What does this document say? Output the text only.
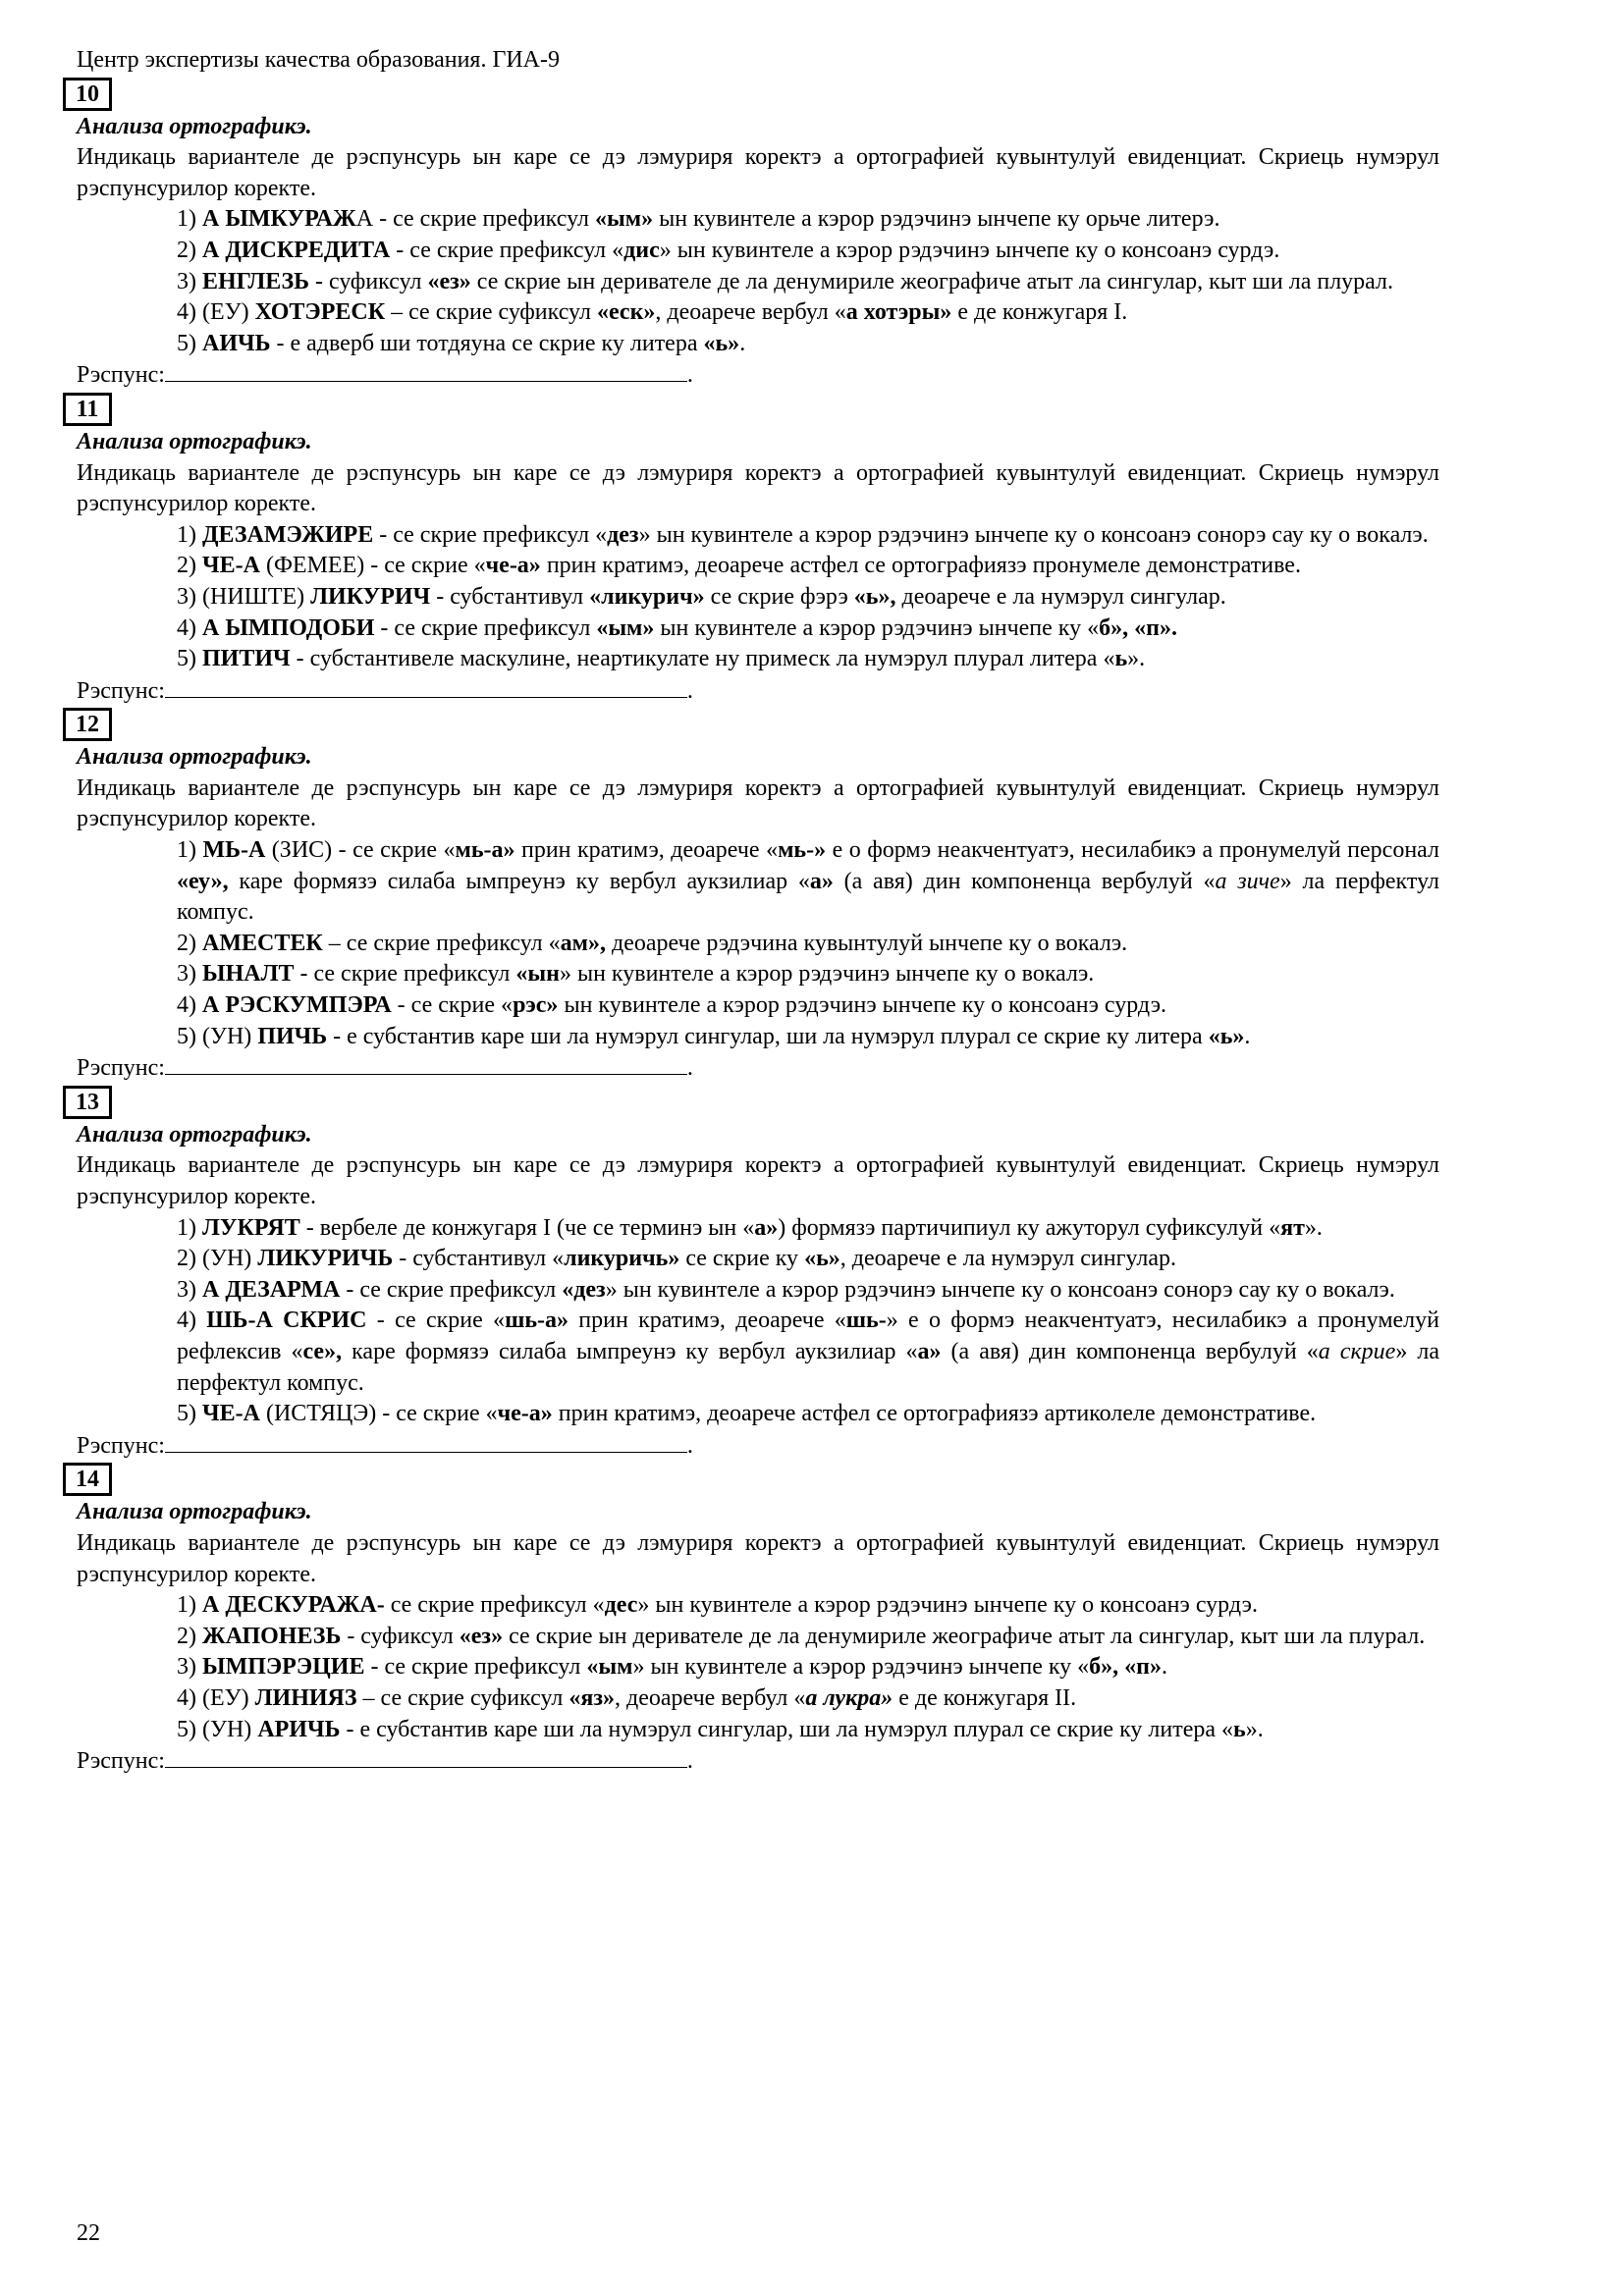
Центр экспертизы качества образования. ГИА-9
10
Анализа ортографикэ.
Индикаць вариантеле де рэспунсурь ын каре се дэ лэмуриря коректэ а ортографией кувынтулуй евиденциат. Скриець нумэрул рэспунсурилор коректе.
1) А ЫМКУРАЖА - се скрие префиксул «ым» ын кувинтеле а кэрор рэдэчинэ ынчепе ку орьче литерэ.
2) А ДИСКРЕДИТА - се скрие префиксул «дис» ын кувинтеле а кэрор рэдэчинэ ынчепе ку о консоанэ сурдэ.
3) ЕНГЛЕЗЬ - суфиксул «ез» се скрие ын деривателе де ла денумириле жеографиче атыт ла сингулар, кыт ши ла плурал.
4) (ЕУ) ХОТЭРЕСК – се скрие суфиксул «еск», деоарече вербул «а хотэры» е де конжугаря I.
5) АИЧЬ - е адверб ши тотдяуна се скрие ку литера «ь».
Рэспунс:	.
11
Анализа ортографикэ.
Индикаць вариантеле де рэспунсурь ын каре се дэ лэмуриря коректэ а ортографией кувынтулуй евиденциат. Скриець нумэрул рэспунсурилор коректе.
1) ДЕЗАМЭЖИРЕ - се скрие префиксул «дез» ын кувинтеле а кэрор рэдэчинэ ынчепе ку о консоанэ сонорэ сау ку о вокалэ.
2) ЧЕ-А (ФЕМЕЕ) - се скрие «че-а» прин кратимэ, деоарече астфел се ортографиязэ пронумеле демонстративе.
3) (НИШТЕ) ЛИКУРИЧ - субстантивул «ликурич» се скрие фэрэ «ь», деоарече е ла нумэрул сингулар.
4) А ЫМПОДОБИ - се скрие префиксул «ым» ын кувинтеле а кэрор рэдэчинэ ынчепе ку «б», «п».
5) ПИТИЧ - субстантивеле маскулине, неартикулате ну примеск ла нумэрул плурал литера «ь».
Рэспунс:	.
12
Анализа ортографикэ.
Индикаць вариантеле де рэспунсурь ын каре се дэ лэмуриря коректэ а ортографией кувынтулуй евиденциат. Скриець нумэрул рэспунсурилор коректе.
1) МЬ-А (ЗИС) - се скрие «мь-а» прин кратимэ, деоарече «мь-» е о формэ неакчентуатэ, несилабикэ а пронумелуй персонал «еу», каре формязэ силаба ымпреунэ ку вербул аукзилиар «а» (а авя) дин компоненца вербулуй «а зиче» ла перфектул компус.
2) АМЕСТЕК – се скрие префиксул «ам», деоарече рэдэчина кувынтулуй ынчепе ку о вокалэ.
3) ЫНАЛТ - се скрие префиксул «ын» ын кувинтеле а кэрор рэдэчинэ ынчепе ку о вокалэ.
4) А РЭСКУМПЭРА - се скрие «рэс» ын кувинтеле а кэрор рэдэчинэ ынчепе ку о консоанэ сурдэ.
5) (УН) ПИЧЬ - е субстантив каре ши ла нумэрул сингулар, ши ла нумэрул плурал се скрие ку литера «ь».
Рэспунс:	.
13
Анализа ортографикэ.
Индикаць вариантеле де рэспунсурь ын каре се дэ лэмуриря коректэ а ортографией кувынтулуй евиденциат. Скриець нумэрул рэспунсурилор коректе.
1) ЛУКРЯТ - вербеле де конжугаря I (че се терминэ ын «а») формязэ партичипиул ку ажуторул суфиксулуй «ят».
2) (УН) ЛИКУРИЧЬ - субстантивул «ликуричь» се скрие ку «ь», деоарече е ла нумэрул сингулар.
3) А ДЕЗАРМА - се скрие префиксул «дез» ын кувинтеле а кэрор рэдэчинэ ынчепе ку о консоанэ сонорэ сау ку о вокалэ.
4) ШЬ-А СКРИС - се скрие «шь-а» прин кратимэ, деоарече «шь-» е о формэ неакчентуатэ, несилабикэ а пронумелуй рефлексив «се», каре формязэ силаба ымпреунэ ку вербул аукзилиар «а» (а авя) дин компоненца вербулуй «а скрие» ла перфектул компус.
5) ЧЕ-А (ИСТЯЦЭ) - се скрие «че-а» прин кратимэ, деоарече астфел се ортографиязэ артиколеле демонстративе.
Рэспунс:	.
14
Анализа ортографикэ.
Индикаць вариантеле де рэспунсурь ын каре се дэ лэмуриря коректэ а ортографией кувынтулуй евиденциат. Скриець нумэрул рэспунсурилор коректе.
1) А ДЕСКУРАЖА- се скрие префиксул «дес» ын кувинтеле а кэрор рэдэчинэ ынчепе ку о консоанэ сурдэ.
2) ЖАПОНЕЗЬ - суфиксул «ез» се скрие ын деривателе де ла денумириле жеографиче атыт ла сингулар, кыт ши ла плурал.
3) ЫМПЭРЭЦИЕ - се скрие префиксул «ым» ын кувинтеле а кэрор рэдэчинэ ынчепе ку «б», «п».
4) (ЕУ) ЛИНИЯЗ – се скрие суфиксул «яз», деоарече вербул «а лукра» е де конжугаря II.
5) (УН) АРИЧЬ - е субстантив каре ши ла нумэрул сингулар, ши ла нумэрул плурал се скрие ку литера «ь».
Рэспунс:	.
22
